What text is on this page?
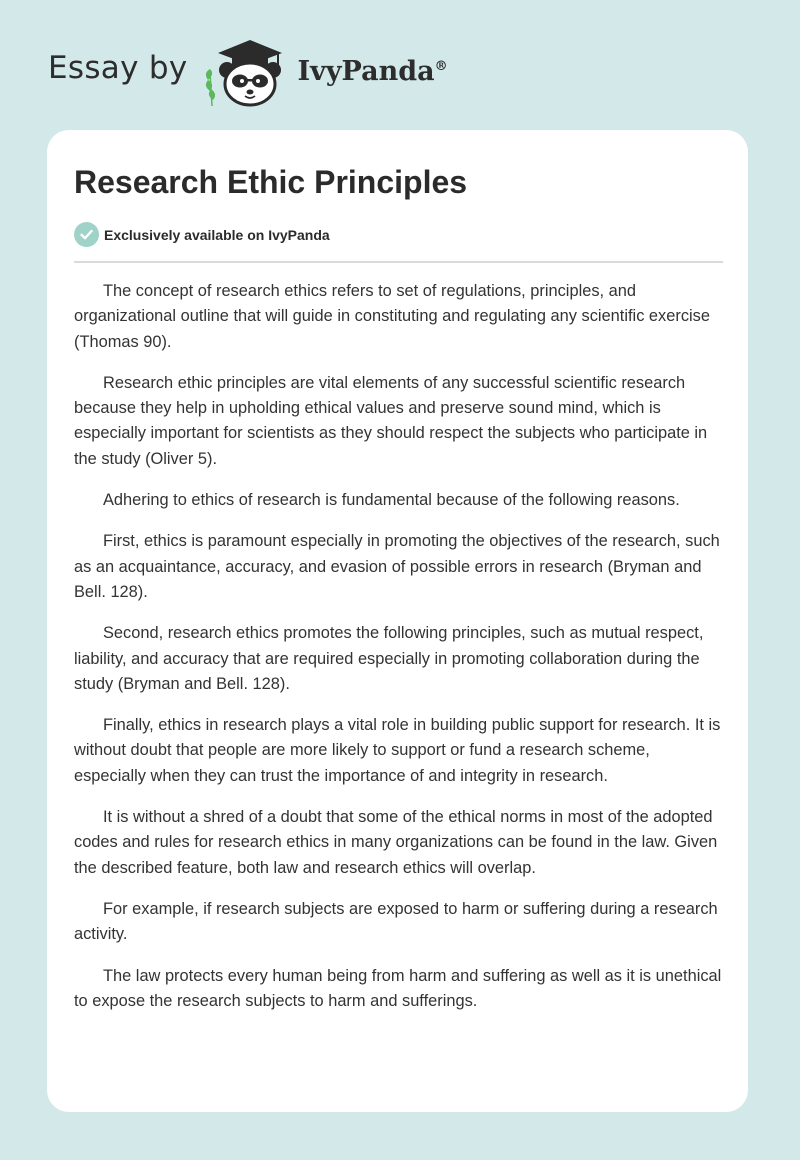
Essay by	IvyPanda®
Research Ethic Principles
Exclusively available on IvyPanda

The concept of research ethics refers to set of regulations, principles, and organizational outline that will guide in constituting and regulating any scientific exercise (Thomas 90).

Research ethic principles are vital elements of any successful scientific research because they help in upholding ethical values and preserve sound mind, which is especially important for scientists as they should respect the subjects who participate in the study (Oliver 5).

Adhering to ethics of research is fundamental because of the following reasons.

First, ethics is paramount especially in promoting the objectives of the research, such as an acquaintance, accuracy, and evasion of possible errors in research (Bryman and Bell. 128).

Second, research ethics promotes the following principles, such as mutual respect, liability, and accuracy that are required especially in promoting collaboration during the study (Bryman and Bell. 128).

Finally, ethics in research plays a vital role in building public support for research. It is without doubt that people are more likely to support or fund a research scheme, especially when they can trust the importance of and integrity in research.

It is without a shred of a doubt that some of the ethical norms in most of the adopted codes and rules for research ethics in many organizations can be found in the law. Given the described feature, both law and research ethics will overlap.

For example, if research subjects are exposed to harm or suffering during a research activity.

The law protects every human being from harm and suffering as well as it is unethical to expose the research subjects to harm and sufferings.
